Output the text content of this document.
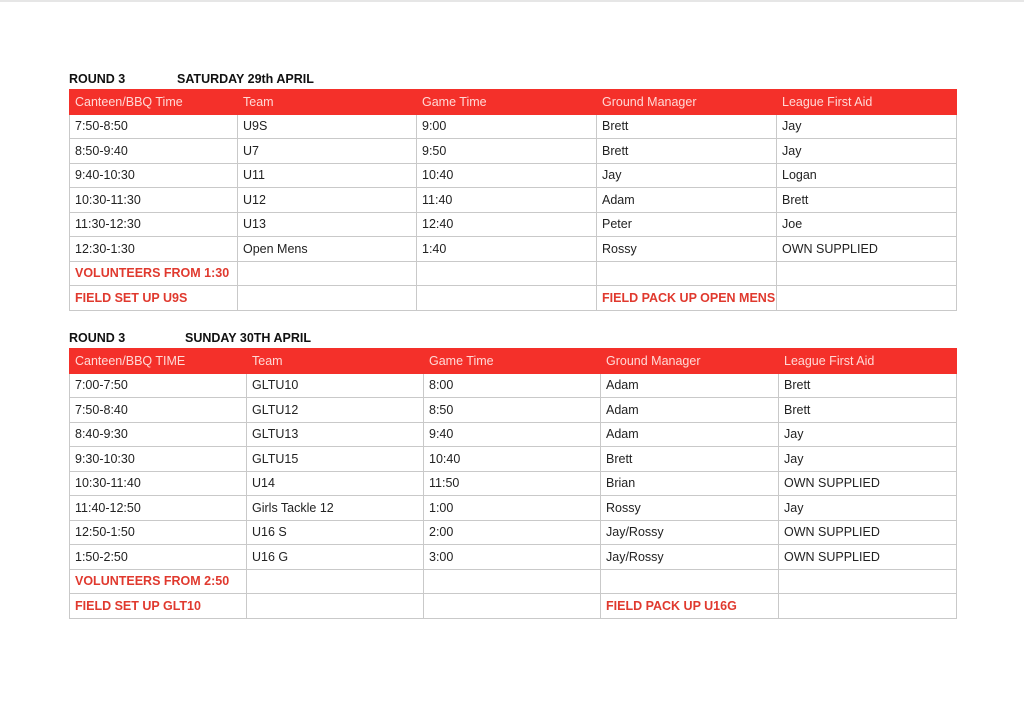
ROUND 3	SATURDAY 29th APRIL
Canteen/BBQ Time	Team	Game Time	Ground Manager	League First Aid
7:50-8:50	U9S	9:00	Brett	Jay
8:50-9:40	U7	9:50	Brett	Jay
9:40-10:30	U11	10:40	Jay	Logan
10:30-11:30	U12	11:40	Adam	Brett
11:30-12:30	U13	12:40	Peter	Joe
12:30-1:30	Open Mens	1:40	Rossy	OWN SUPPLIED
VOLUNTEERS FROM 1:30				
FIELD SET UP U9S			FIELD PACK UP OPEN MENS	
ROUND 3	SUNDAY 30TH APRIL
Canteen/BBQ TIME	Team	Game Time	Ground Manager	League First Aid
7:00-7:50	GLTU10	8:00	Adam	Brett
7:50-8:40	GLTU12	8:50	Adam	Brett
8:40-9:30	GLTU13	9:40	Adam	Jay
9:30-10:30	GLTU15	10:40	Brett	Jay
10:30-11:40	U14	11:50	Brian	OWN SUPPLIED
11:40-12:50	Girls Tackle 12	1:00	Rossy	Jay
12:50-1:50	U16 S	2:00	Jay/Rossy	OWN SUPPLIED
1:50-2:50	U16 G	3:00	Jay/Rossy	OWN SUPPLIED
VOLUNTEERS FROM 2:50				
FIELD SET UP GLT10			FIELD PACK UP U16G	
